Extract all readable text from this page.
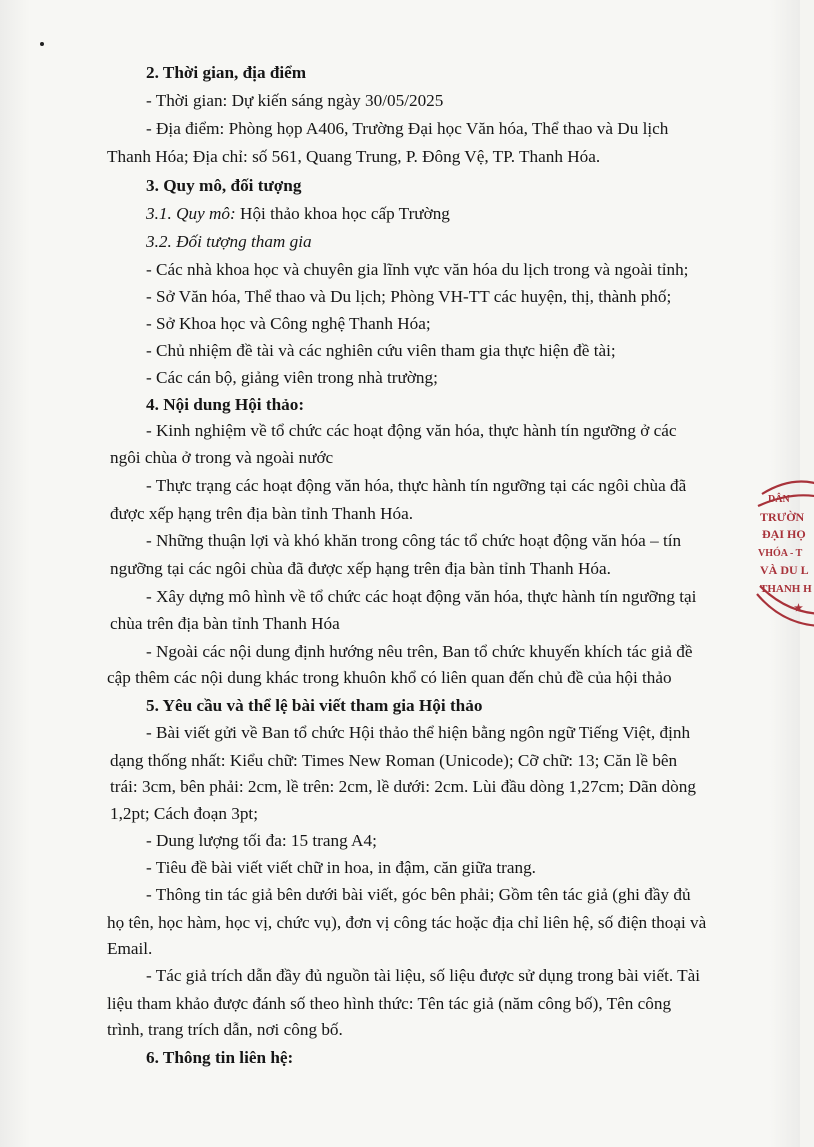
2. Thời gian, địa điểm
- Thời gian: Dự kiến sáng ngày 30/05/2025
- Địa điểm: Phòng họp A406, Trường Đại học Văn hóa, Thể thao và Du lịch
Thanh Hóa; Địa chỉ: số 561, Quang Trung, P. Đông Vệ, TP. Thanh Hóa.
3. Quy mô, đối tượng
3.1. Quy mô: Hội thảo khoa học cấp Trường
3.2. Đối tượng tham gia
- Các nhà khoa học và chuyên gia lĩnh vực văn hóa du lịch trong và ngoài tỉnh;
- Sở Văn hóa, Thể thao và Du lịch; Phòng VH-TT các huyện, thị, thành phố;
- Sở Khoa học và Công nghệ Thanh Hóa;
- Chủ nhiệm đề tài và các nghiên cứu viên tham gia thực hiện đề tài;
- Các cán bộ, giảng viên trong nhà trường;
4. Nội dung Hội thảo:
- Kinh nghiệm về tổ chức các hoạt động văn hóa, thực hành tín ngưỡng ở các
ngôi chùa ở trong và ngoài nước
- Thực trạng các hoạt động văn hóa, thực hành tín ngưỡng tại các ngôi chùa đã
được xếp hạng trên địa bàn tỉnh Thanh Hóa.
- Những thuận lợi và khó khăn trong công tác tổ chức hoạt động văn hóa – tín
ngưỡng tại các ngôi chùa đã được xếp hạng trên địa bàn tỉnh Thanh Hóa.
- Xây dựng mô hình về tổ chức các hoạt động văn hóa, thực hành tín ngưỡng tại
chùa trên địa bàn tỉnh Thanh Hóa
- Ngoài các nội dung định hướng nêu trên, Ban tổ chức khuyến khích tác giả đề
cập thêm các nội dung khác trong khuôn khổ có liên quan đến chủ đề của hội thảo
5. Yêu cầu và thể lệ bài viết tham gia Hội thảo
- Bài viết gửi về Ban tổ chức Hội thảo thể hiện bằng ngôn ngữ Tiếng Việt, định
dạng thống nhất: Kiểu chữ: Times New Roman (Unicode); Cỡ chữ: 13; Căn lề bên
trái: 3cm, bên phải: 2cm, lề trên: 2cm, lề dưới: 2cm. Lùi đầu dòng 1,27cm; Dãn dòng
1,2pt; Cách đoạn 3pt;
- Dung lượng tối đa: 15 trang A4;
- Tiêu đề bài viết viết chữ in hoa, in đậm, căn giữa trang.
- Thông tin tác giả bên dưới bài viết, góc bên phải; Gồm tên tác giả (ghi đầy đủ
họ tên, học hàm, học vị, chức vụ), đơn vị công tác hoặc địa chỉ liên hệ, số điện thoại và
Email.
- Tác giả trích dẫn đầy đủ nguồn tài liệu, số liệu được sử dụng trong bài viết. Tài
liệu tham khảo được đánh số theo hình thức: Tên tác giả (năm công bố), Tên công
trình, trang trích dẫn, nơi công bố.
6. Thông tin liên hệ:
DÂN
TRƯỜN
ĐẠI HỌ
VHÓA - T
VÀ DU L
THANH H
★
